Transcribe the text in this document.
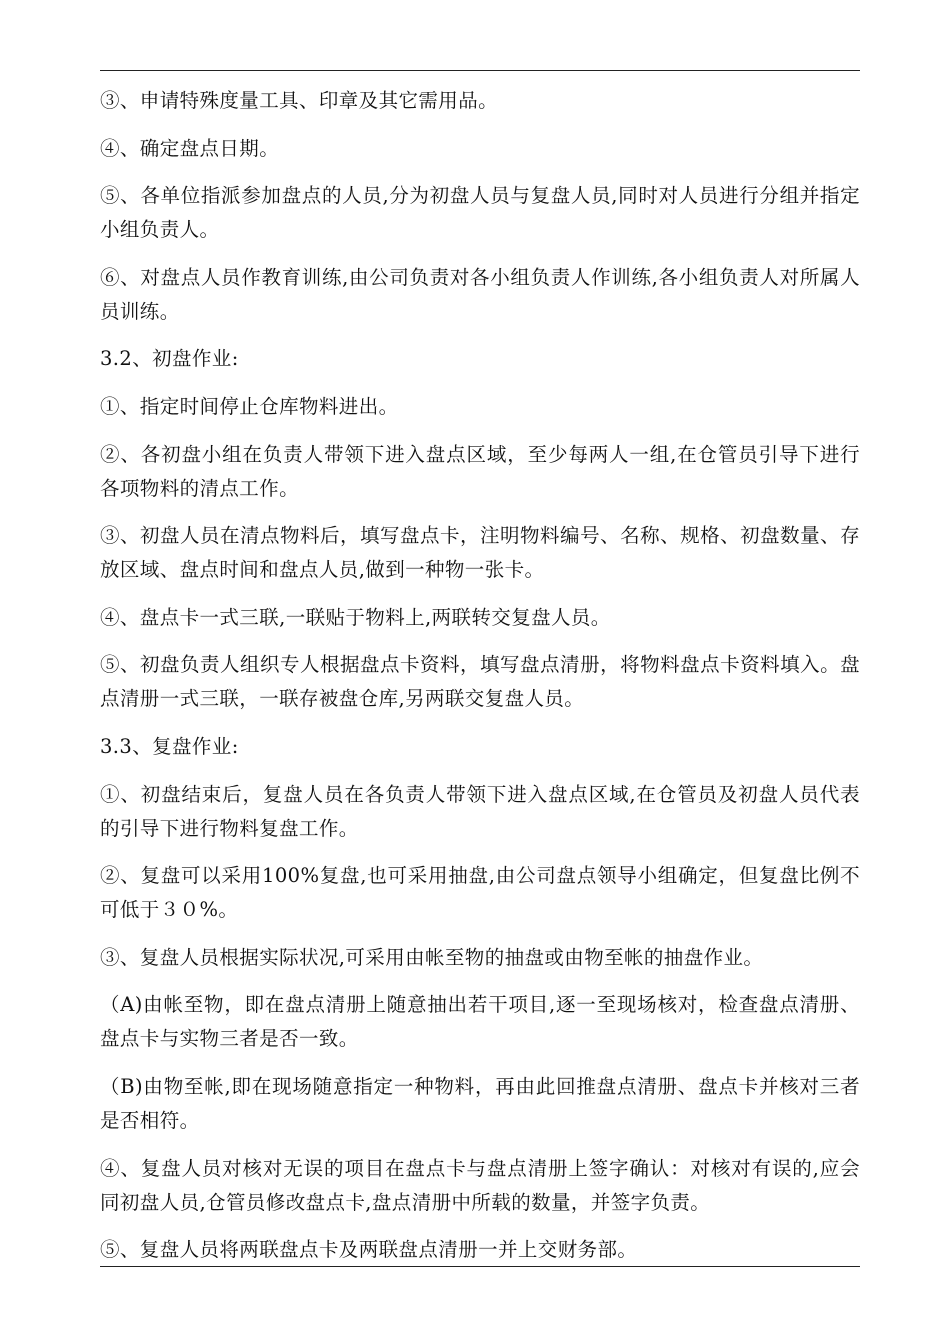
③、申请特殊度量工具、印章及其它需用品。

④、确定盘点日期。

⑤、各单位指派参加盘点的人员,分为初盘人员与复盘人员,同时对人员进行分组并指定小组负责人。

⑥、对盘点人员作教育训练,由公司负责对各小组负责人作训练,各小组负责人对所属人员训练。

3.2、初盘作业:

①、指定时间停止仓库物料进出。

②、各初盘小组在负责人带领下进入盘点区域，至少每两人一组,在仓管员引导下进行各项物料的清点工作。

③、初盘人员在清点物料后，填写盘点卡，注明物料编号、名称、规格、初盘数量、存放区域、盘点时间和盘点人员,做到一种物一张卡。

④、盘点卡一式三联,一联贴于物料上,两联转交复盘人员。

⑤、初盘负责人组织专人根据盘点卡资料，填写盘点清册，将物料盘点卡资料填入。盘点清册一式三联，一联存被盘仓库,另两联交复盘人员。

3.3、复盘作业:

①、初盘结束后，复盘人员在各负责人带领下进入盘点区域,在仓管员及初盘人员代表的引导下进行物料复盘工作。

②、复盘可以采用100%复盘,也可采用抽盘,由公司盘点领导小组确定，但复盘比例不可低于３０%。

③、复盘人员根据实际状况,可采用由帐至物的抽盘或由物至帐的抽盘作业。

（A)由帐至物，即在盘点清册上随意抽出若干项目,逐一至现场核对，检查盘点清册、盘点卡与实物三者是否一致。

（B)由物至帐,即在现场随意指定一种物料，再由此回推盘点清册、盘点卡并核对三者是否相符。

④、复盘人员对核对无误的项目在盘点卡与盘点清册上签字确认：对核对有误的,应会同初盘人员,仓管员修改盘点卡,盘点清册中所载的数量，并签字负责。

⑤、复盘人员将两联盘点卡及两联盘点清册一并上交财务部。
